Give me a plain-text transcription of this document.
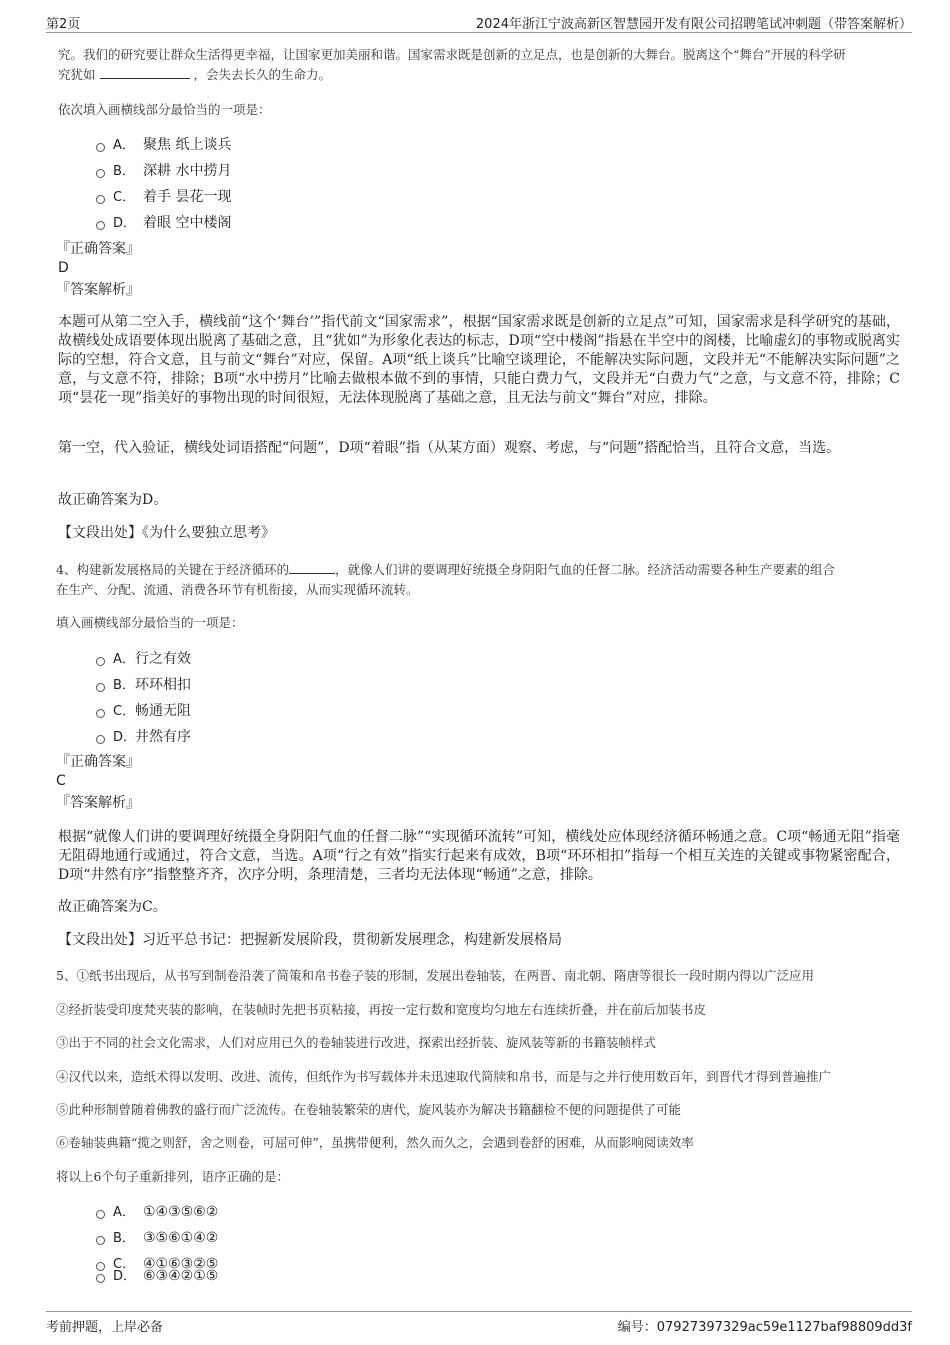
第2页	2024年浙江宁波高新区智慧园开发有限公司招聘笔试冲刺题（带答案解析）
究。我们的研究要让群众生活得更幸福，让国家更加美丽和谐。国家需求既是创新的立足点，也是创新的大舞台。脱离这个“舞台”开展的科学研
究犹如	，会失去长久的生命力。
依次填入画横线部分最恰当的一项是：
A． 聚焦 纸上谈兵
B． 深耕 水中捞月
C． 着手 昙花一现
D． 着眼 空中楼阁
『正确答案』
D
『答案解析』
本题可从第二空入手，横线前“这个‘舞台’”指代前文“国家需求”，根据“国家需求既是创新的立足点”可知，国家需求是科学研究的基础，故横线处成语要体现出脱离了基础之意，且“犹如”为形象化表达的标志，D项“空中楼阁”指悬在半空中的阁楼，比喻虚幻的事物或脱离实际的空想，符合文意，且与前文“舞台”对应，保留。A项“纸上谈兵”比喻空谈理论，不能解决实际问题，文段并无“不能解决实际问题”之意，与文意不符，排除；B项“水中捞月”比喻去做根本做不到的事情，只能白费力气，文段并无“白费力气”之意，与文意不符，排除；C项“昙花一现”指美好的事物出现的时间很短，无法体现脱离了基础之意，且无法与前文“舞台”对应，排除。
第一空，代入验证，横线处词语搭配“问题”，D项“着眼”指（从某方面）观察、考虑，与“问题”搭配恰当，且符合文意，当选。
故正确答案为D。
【文段出处】《为什么要独立思考》
4、构建新发展格局的关键在于经济循环的	，就像人们讲的要调理好统摄全身阴阳气血的任督二脉。经济活动需要各种生产要素的组合
在生产、分配、流通、消费各环节有机衔接，从而实现循环流转。
填入画横线部分最恰当的一项是：
A．行之有效
B．环环相扣
C．畅通无阻
D．井然有序
『正确答案』
C
『答案解析』
根据“就像人们讲的要调理好统摄全身阴阳气血的任督二脉”“实现循环流转”可知，横线处应体现经济循环畅通之意。C项“畅通无阻”指毫无阻碍地通行或通过，符合文意，当选。A项“行之有效”指实行起来有成效，B项“环环相扣”指每一个相互关连的关键或事物紧密配合，D项“井然有序”指整整齐齐，次序分明，条理清楚，三者均无法体现“畅通”之意，排除。
故正确答案为C。
【文段出处】习近平总书记：把握新发展阶段，贯彻新发展理念，构建新发展格局
5、①纸书出现后，从书写到制卷沿袭了简策和帛书卷子装的形制，发展出卷轴装，在两晋、南北朝、隋唐等很长一段时期内得以广泛应用
②经折装受印度梵夹装的影响，在装帧时先把书页粘接，再按一定行数和宽度均匀地左右连续折叠，并在前后加装书皮
③出于不同的社会文化需求，人们对应用已久的卷轴装进行改进，探索出经折装、旋风装等新的书籍装帧样式
④汉代以来，造纸术得以发明、改进、流传，但纸作为书写载体并未迅速取代简牍和帛书，而是与之并行使用数百年，到晋代才得到普遍推广
⑤此种形制曾随着佛教的盛行而广泛流传。在卷轴装繁荣的唐代，旋风装亦为解决书籍翻检不便的问题提供了可能
⑥卷轴装典籍“揽之则舒，舍之则卷，可屈可伸”，虽携带便利，然久而久之，会遇到卷舒的困难，从而影响阅读效率
将以上6个句子重新排列，语序正确的是：
A． ①④③⑤⑥②
B． ③⑤⑥①④②
C． ④①⑥③②⑤
D． ⑥③④②①⑤
考前押题，上岸必备	编号：07927397329ac59e1127baf98809dd3f
